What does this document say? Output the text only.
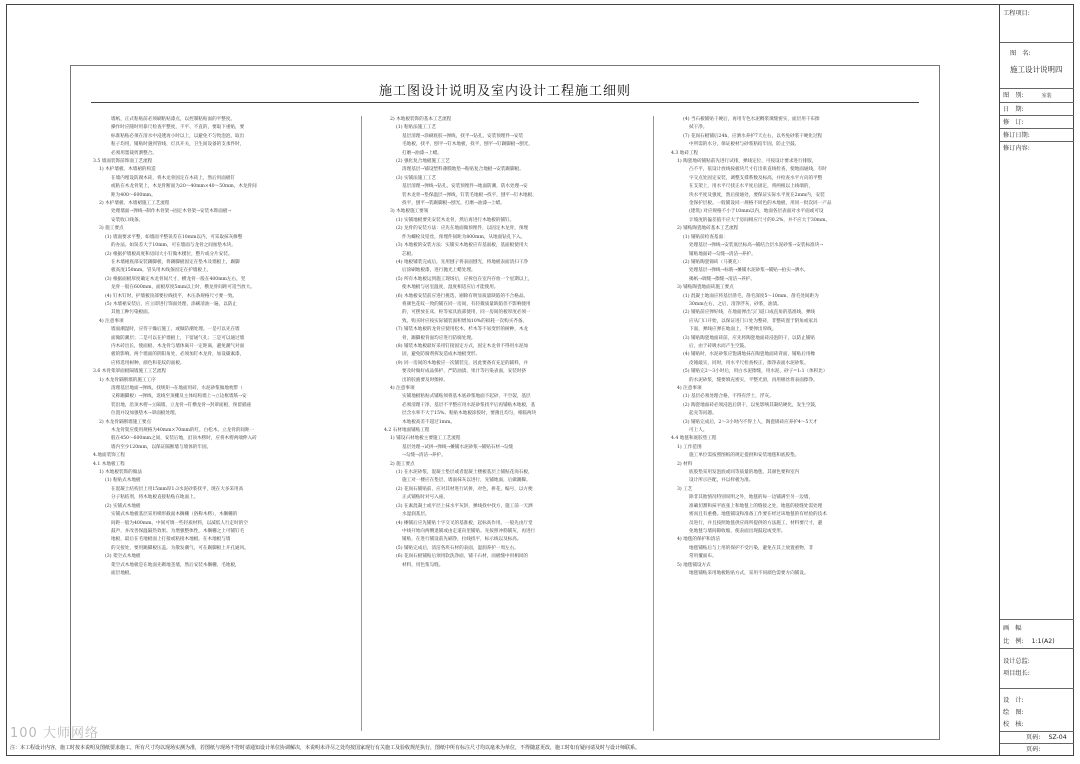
施工图设计说明及室内设计工程施工细则

墙纸，正式粘贴前必须刷粘贴漆点，以控制粘贴面的平整度。

操作时应随时用靠尺检查平整度，不平、不直的，要取下重贴，要

标准粘贴必须在清水中浸透再小时以上，以避免不匀致泡泡，取出

粘子均用，铺贴时遇到管线，灯具开关，卫生间设备的支承件时，

必须用墨裁剪割整合。

3.5 墙面装饰前饰面工艺流程

1) 木护墙板、木墙裙的构造

在墙内埋设防腐木砖，将木龙骨固定在木砖上，然后用面板钉

或粘在木龙骨架上，木龙骨断面为20～40mm×40～50mm，木龙骨间

距为400～600mm。

2) 木护墙板、木墙裙施工工艺流程

处理墙面→弹线→制作木骨架→固定木骨架→安装木饰面板→

安装收口线条。

3) 施工要点

(1) 墙面要求平整，如墙面平整误差在10mm以内，可采取抹灰修整

的办法。如误差大于10mm，可在墙面与龙骨之间加垫木块。

(2) 根据护墙板高度和房间大小钉做木楔位，整片或分片安装。

在木墙裙底部安装踢脚板，将踢脚板固定在垫木及墙板上，踢脚

板高度150mm，冒头用木线条固定在护墙板上。

(3) 根据面板厚度确定木龙骨间尺寸，横龙骨一般在400mm左右，竖

龙骨一般在600mm，面板厚度5mm以上时，横龙骨间距可适当放大。

(4) 钉木钉时，护墙板顶部要拉线找平，木压条规格尺寸要一致。

(5) 木墙裙安装后，应立即进行饰面处理，涂刷清油一遍，以防止

其他工种污染板面。

4) 注意事项

墙面潮湿时，应待干燥后施工，或做防潮处理。一是可以先在墙

面做防潮层；二是可以在护墙板上，下留通气孔；三是可以通过墙

内木砖出长，使面板、木龙骨与墙体离开一定距离，避免潮气对面

板的影响。两个墙面的阴阳角处，必须加钉木龙骨，加设碳素漆，

应将选用树种，颜色和花纹的面板。

3.6 木骨架罩面板隔墙施工工艺流程

1) 木龙骨隔断墙的施工工序

清理基层地面→弹线，找规矩→在地面用砖，水泥砂浆做地枕带（

又称踢脚板）→弹线，返线至顶棚及主体结构墙上→立边框墙筋→安

装沿地，沿顶木楞→立隔墙，立龙骨→钉横龙骨→封罩面板，预留插座

位置并设加强垫木→罩面板处理。

2) 木龙骨隔断墙施工要点

木龙骨架应使用规格为40mm×70mm的红，白松木。立龙骨的间距一

般在450～600mm之间，安装后地，沿顶木楞时，应将木楞两端伸入砖

墙内至少120mm，以保证隔断墙与墙体的牢固。

4.地面装饰工程

4.1 木地板工程

1) 木地板装饰的做法

(1) 粘贴式木地板

在混凝土结构层上用15mm厚1:3水泥砂浆找平，现在大多采用高

分子粘结剂，将木地板直接粘贴在地面上。

(2) 实铺式木地板

实铺式木地板基层采用梯形截面木搁栅（俗称木楞），木搁栅的

间距一般为400mm，中间可填一些轻质材料，以减低人行走时的空

鼓声，并改善保温隔热效果。为增强整体性，木搁栅之上可铺钉毛

地板，最后在毛地板面上打接或粘接木地板。在木地板与墙

的交接处，要用踢脚板压盖。为散发潮气，可在踢脚板上开孔通风。

(3) 架空式木地板

架空式木地板是在地面先砌地垄墙，然后安装木搁栅，毛地板，

面层地板。

2) 木地板装饰的基本工艺流程

(1) 粘贴法施工工艺

基层清理→涂刷底胶→弹线，找平→钻孔，安装预埋件→安装

毛地板，找平，刨平→钉木地板，找平，刨平→钉踢脚板→刨光，

打磨→油漆→上蜡。

(2) 强化复合地板施工工艺

清理基层→铺设塑料薄膜地垫→粘贴复合地板→安装踢脚板。

(3) 实铺法施工工艺

基层清理→弹线→钻孔，安装预埋件→地面防潮，防水处理→安

装木龙骨→垫保温层→弹线，钉装毛地板→找平，刨平→钉木地板，

找平，刨平→装踢脚板→刨光，打磨→油漆→上蜡。

3) 木地板施工要领

(1) 实铺地板要先安装木龙骨，然后再进行木地板的铺钉。

(2) 龙骨的安装方法：应先在地面做预埋件，以固定木龙骨，预埋

件为螺栓及铅丝，预埋件间距为800mm，从地面钻孔下入。

(3) 木地板的安装方法：实铺实木地板应有基面板，基面板使用大

芯板。

(4) 地板铺装完成后，先用刨子将表面刨光，将地板表面清扫干净

后涂刷地板漆，进行抛光上蜡处理。

(5) 所有木地板运到施工现场后，应拆包在室内存放一个星期以上，

使木地板与居室温度，湿度相适应后才能使用。

(6) 木地板安装前应进行挑选，剔除有明显质量缺陷的不合格品。

将颜色花纹一致的铺在同一房间，有轻微质量缺陷但不影响使用

的，可摆放在床，柜等家具底部使用，同一房间的板厚度必须一

致。购买时应按实际铺装面积增加10%的损耗一次购买齐备。

(7) 铺装木地板的龙骨应使用松木，杉木等不易变形的树种，木龙

骨，踢脚板背面均应进行防腐处理。

(8) 铺装木地板最好采用钉接固定方式，固定木龙骨不得用水泥加

固，避免防腐剂挥发造成木地板变形。

(9) 同一房间的木地板应一次铺装完，因此要备有充足的辅料，并

要及时做好成品保护，严防油渍，果汁等污染表面，安装时挤

出的胶液要及时擦掉。

4) 注意事项

实铺地板粘贴式铺贴须将基木底砂浆地面不起砂，不空裂，基层

必须清理干净。基层不平整应用水泥砂浆找平后再铺贴木地板，基

层含水率不大于15%。粘贴木地板涂胶时，要薄且均匀，相临两块

木地板高差不超过1mm。

4.2 石材地面铺贴工程

1) 铺设石材地板主要施工工艺流程

基层处理→试拼→弹线→摊铺水泥砂浆→铺贴石材→勾缝

→勾缝→清洁→养护。

2) 施工要点

(1) 在水泥砂浆，混凝土垫层或者混凝土楼板基层上铺贴花岗石板，

施工对一楼应在垫层，墙面抹灰以进行，先铺地面，后做踢脚。

(2) 花岗石铺贴前，应对其材进行试拼，对色，拼花，编号，以方便

正式铺贴时对号入座。

(3) 在素混凝土或平层上抹水平灰饼，弹线找中找方，施工前一天洒

水湿润基层。

(4) 摊铺后应先铺贴十字交叉的基准板，起标高作用。一般先由厅堂

中线开始向两侧退铺或由走道向里铺贴。先按照冲筋铺灰，再进行

铺贴，在进行铺设前先刷净，拉线找平，标示线以及标高。

(5) 铺贴完成后，清洁各块石材的表面，湿润养护一周左右。

(6) 花岗石板铺贴后须用软洗净面，铺干石材，而板缝中用相同的

材料，用色浆勾缝。

(4) 当石板铺贴干硬后，再用专色水泥稠浆填缝密实，面层用干布擦

拭干净。

(7) 花岗石板铺后24h，应洒水养护7天左右，以务免砂浆干硬化过程

中所需的水分，保证板材与砂浆粘结牢固，防止空鼓。

4.3 地砖工程

1) 陶瓷地砖铺贴前先进行试排，弹线定位，可按设计要求进行排版，

凸不平，依设计放线按板块尺寸打出垂直线检查，使地面通线，有时

字交点处固定安装，调整支撑系数及标高，并检查水平方向的平整

在支架上，用水平尺找正水平度后固定，将两根以上线端的，

块水平度及强度，然后接通处，要保证实际水平度在2mm内，安装

金保护层板。一般铺设同一规格不同色的木地板，用同一批次同一产品

(建筑) 对应规格不小于10mm以内，地面各层表面对水平面或可设

计坡度的偏差值不应大于房间相应尺寸的0.2%，并不应大于30mm。

2) 铺贴陶瓷地砖基本工艺流程

(1) 铺贴前检查基面：

处理基层→弹线→安装底层标高→铺结合层水泥砂浆→安装标准块→

铺贴地面砖→勾缝→清洁→养护。

(2) 铺贴陶瓷锦砖（马赛克）：

处理基层→弹线→标筋→摊铺水泥砂浆→铺贴→拍实→洒水，

揭纸→调缝→擦缝→清洁→养护。

3) 铺贴陶瓷地面砖施工要点

(1) 混凝土地面应将基层凿毛，凿毛深度5～10mm，凿毛处间距为

30mm左右，之后，清净浮灰，砂浆，油渍。

(2) 铺贴前应弹好线，在地面弹出与门道口成直角的基准线，弹线

应从门口开始，以保证进门口处为整砖，非整砖置于阴角或家具

下面，弹线应弹在地面上，不要弹出厚线。

(3) 铺贴陶瓷地面砖前，应先将陶瓷地面砖浸泡阴干，以防止铺贴

后，由于砖吸水而产生空鼓。

(4) 铺贴时，水泥砂浆应饱满地抹在陶瓷地面砖背面，铺贴后用橡

皮锤敲实，同时，用水平尺检查校正，擦净表面水泥砂浆。

(5) 铺贴完2～3小时后，用白水泥擦缝，用水泥，砂子=1:1（体积比）

的水泥砂浆，缝要填充密实，平整光滑，再用棉丝将表面擦净。

4) 注意事项

(1) 基层必须处理合格，不得有浮土，浮灰。

(2) 陶瓷地面砖必须浸泡后阴干，以免影响其凝结硬化，发生空鼓，

起壳等问题。

(3) 铺贴完成后，2～3小时内不得上人，陶瓷锦砖应养护4～5天才

可上人。

4.4 地毯和底胶垫工程

1) 工作范围

施工单位需按照图纸的规定提供和安装地毯和底胶垫。

2) 材料

底胶垫采用发泡底或同等质量的地毯，其颜色要和室内

设计所示匹配，并以样板为准。

3) 工艺

除非其他情况特别说明之外，地毯的每一边铺满至另一边墙，

准确切割和抹平底张上和地毯上的缝接之处，地毯的接缝处需处理

密而且有重叠。地毯铺设和准备工作要在经过该地毯的有经验的技术

员进行，并且按照地毯供应商所提供的方法施工，材料要尺寸，避

免地毯与墙间隙收缩，使表面出现鼓起或变形。

4) 地毯的保护和清洁

地毯铺贴后与上用的保护不受污染，避免在其上放置重物，非

常用覆面布。

5) 地毯铺设方式

地毯铺贴采用地板粘贴方式，采用不同颜色需要方向铺设。

工程项目:
图　名:
施工设计说明四
图　别:	室装
日　期:
修　订:
修订日期:
修订内容:
画　幅
比　例: 1:1(A2)
设计总监:
项目组长:
设　计:
绘　图:
校　核:
页码: SZ-04
页码:
100 大师网络
注：本工程设计内容，施工时按本说明及图纸要求施工，所有尺寸均以现场实测为准，若图纸与现场不符时请通知设计单位协调解决，本说明未详尽之处均按国家现行有关施工及验收规范执行，图纸中所有标注尺寸均以毫米为单位，不得随意更改，施工时如有疑问请及时与设计师联系。
